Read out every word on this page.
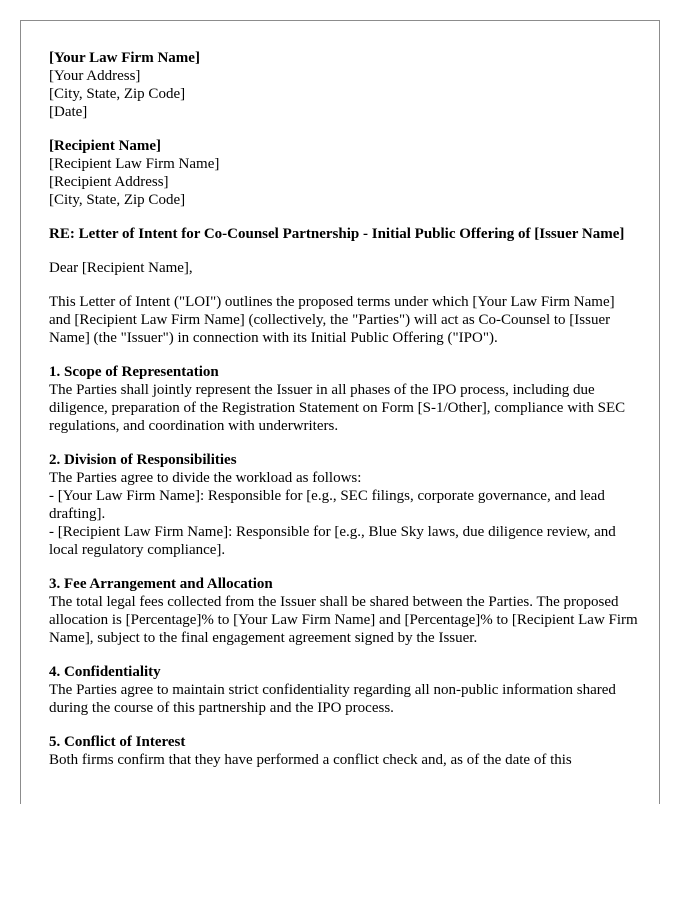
[Your Law Firm Name]
[Your Address]
[City, State, Zip Code]
[Date]
[Recipient Name]
[Recipient Law Firm Name]
[Recipient Address]
[City, State, Zip Code]

RE: Letter of Intent for Co-Counsel Partnership - Initial Public Offering of [Issuer Name]

Dear [Recipient Name],

This Letter of Intent ("LOI") outlines the proposed terms under which [Your Law Firm Name] and [Recipient Law Firm Name] (collectively, the "Parties") will act as Co-Counsel to [Issuer Name] (the "Issuer") in connection with its Initial Public Offering ("IPO").

1. Scope of Representation
The Parties shall jointly represent the Issuer in all phases of the IPO process, including due diligence, preparation of the Registration Statement on Form [S-1/Other], compliance with SEC regulations, and coordination with underwriters.
2. Division of Responsibilities
The Parties agree to divide the workload as follows:
- [Your Law Firm Name]: Responsible for [e.g., SEC filings, corporate governance, and lead drafting].
- [Recipient Law Firm Name]: Responsible for [e.g., Blue Sky laws, due diligence review, and local regulatory compliance].
3. Fee Arrangement and Allocation
The total legal fees collected from the Issuer shall be shared between the Parties. The proposed allocation is [Percentage]% to [Your Law Firm Name] and [Percentage]% to [Recipient Law Firm Name], subject to the final engagement agreement signed by the Issuer.
4. Confidentiality
The Parties agree to maintain strict confidentiality regarding all non-public information shared during the course of this partnership and the IPO process.
5. Conflict of Interest
Both firms confirm that they have performed a conflict check and, as of the date of this
